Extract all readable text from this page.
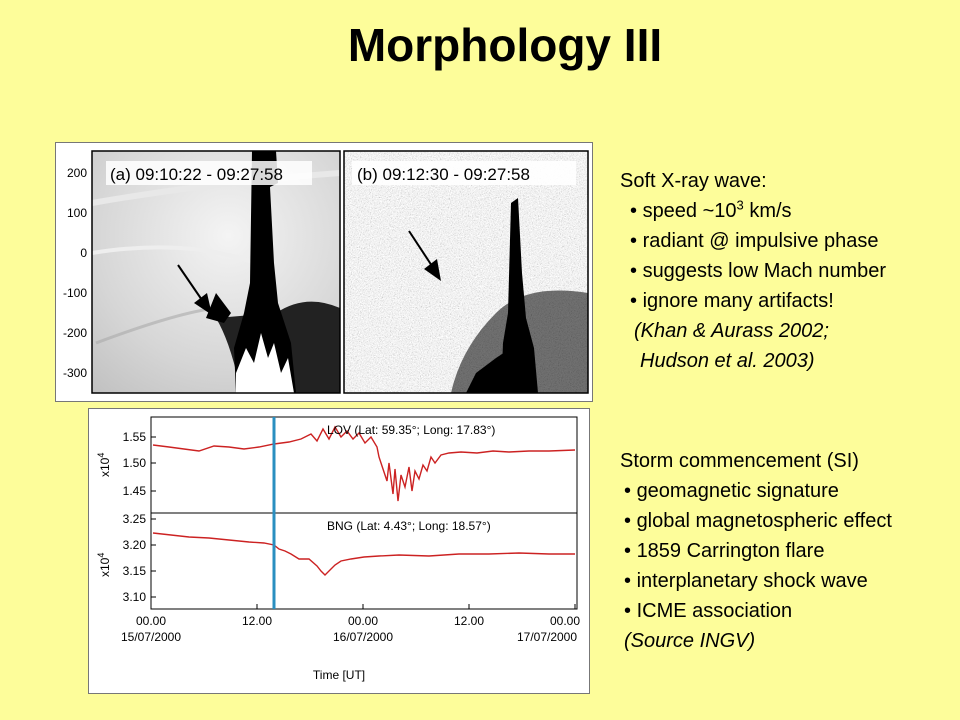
Morphology III
(a) 09:10:22 - 09:27:58	(b) 09:12:30 - 09:27:58
200
100
0
-100
-200
-300
LOV (Lat: 59.35°; Long: 17.83°)
BNG (Lat: 4.43°; Long: 18.57°)
1.55
1.50
1.45
$x10^4$
3.25
3.20
3.15
3.10
$x10^4$
00.00	12.00	00.00	12.00	00.00
15/07/2000	16/07/2000	17/07/2000
Time [UT]
Soft X-ray wave:
• speed $\sim 10^3$ km/s
• radiant @ impulsive phase
• suggests low Mach number
• ignore many artifacts!
(Khan & Aurass 2002;
Hudson et al. 2003)
Storm commencement (SI)
• geomagnetic signature
• global magnetospheric effect
• 1859 Carrington flare
• interplanetary shock wave
• ICME association
(Source INGV)
